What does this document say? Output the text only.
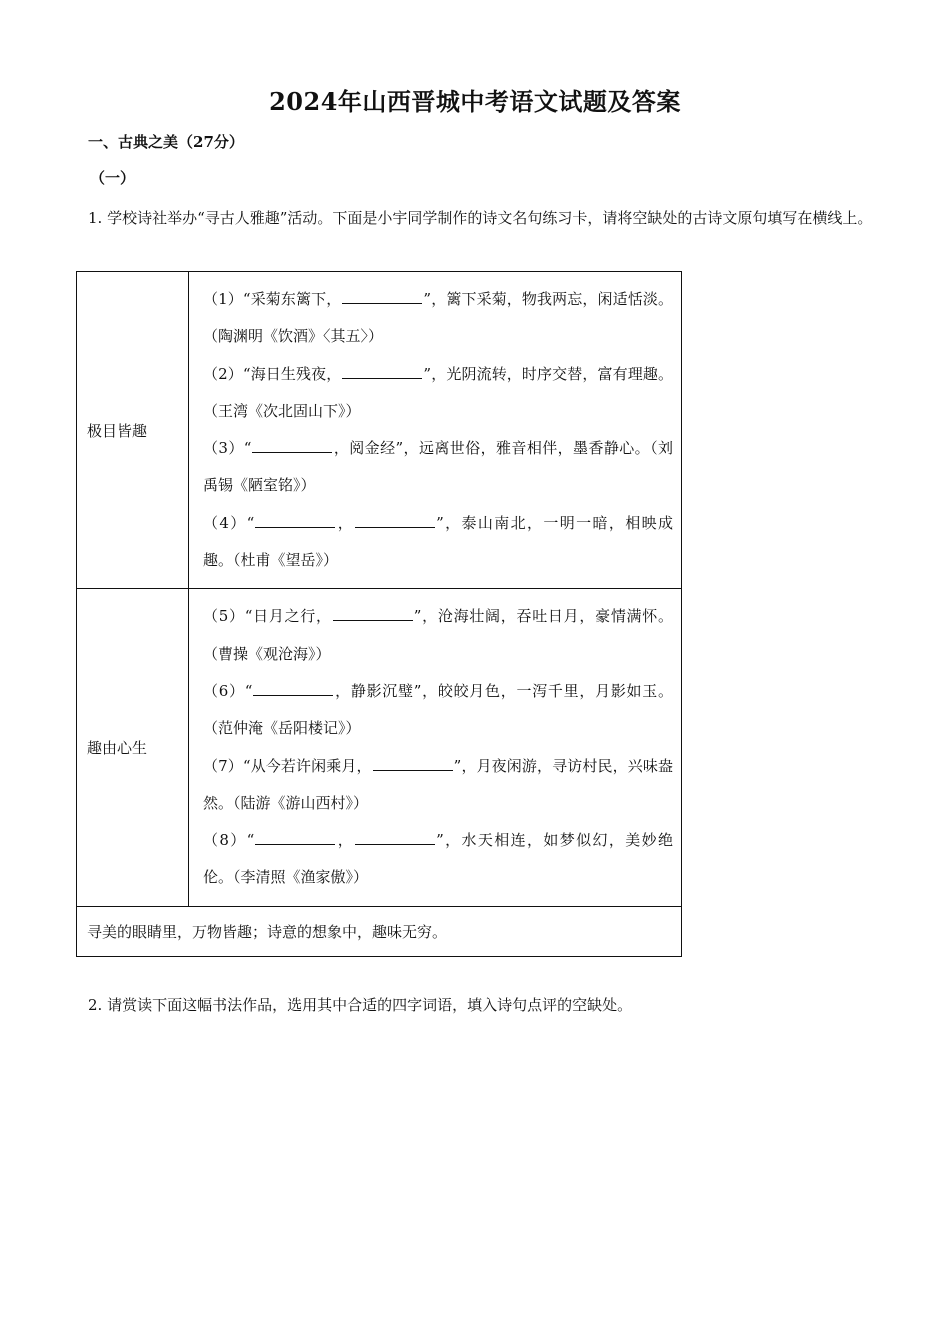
2024年山西晋城中考语文试题及答案
一、古典之美（27分）
（一）
1. 学校诗社举办“寻古人雅趣”活动。下面是小宇同学制作的诗文名句练习卡，请将空缺处的古诗文原句填写在横线上。
极目皆趣	（1）“采菊东篱下， ”，篱下采菊，物我两忘，闲适恬淡。（陶渊明《饮酒》〈其五〉）

（2）“海日生残夜， ”，光阴流转，时序交替，富有理趣。（王湾《次北固山下》）

（3）“ ，阅金经”，远离世俗，雅音相伴，墨香静心。（刘禹锡《陋室铭》）

（4）“ ， ”，泰山南北，一明一暗，相映成趣。（杜甫《望岳》）

趣由心生	（5）“日月之行， ”，沧海壮阔，吞吐日月，豪情满怀。（曹操《观沧海》）

（6）“ ，静影沉璧”，皎皎月色，一泻千里，月影如玉。（范仲淹《岳阳楼记》）

（7）“从今若许闲乘月， ”，月夜闲游，寻访村民，兴味盎然。（陆游《游山西村》）

（8）“ ， ”，水天相连，如梦似幻，美妙绝伦。（李清照《渔家傲》）

寻美的眼睛里，万物皆趣；诗意的想象中，趣味无穷。	
2. 请赏读下面这幅书法作品，选用其中合适的四字词语，填入诗句点评的空缺处。
